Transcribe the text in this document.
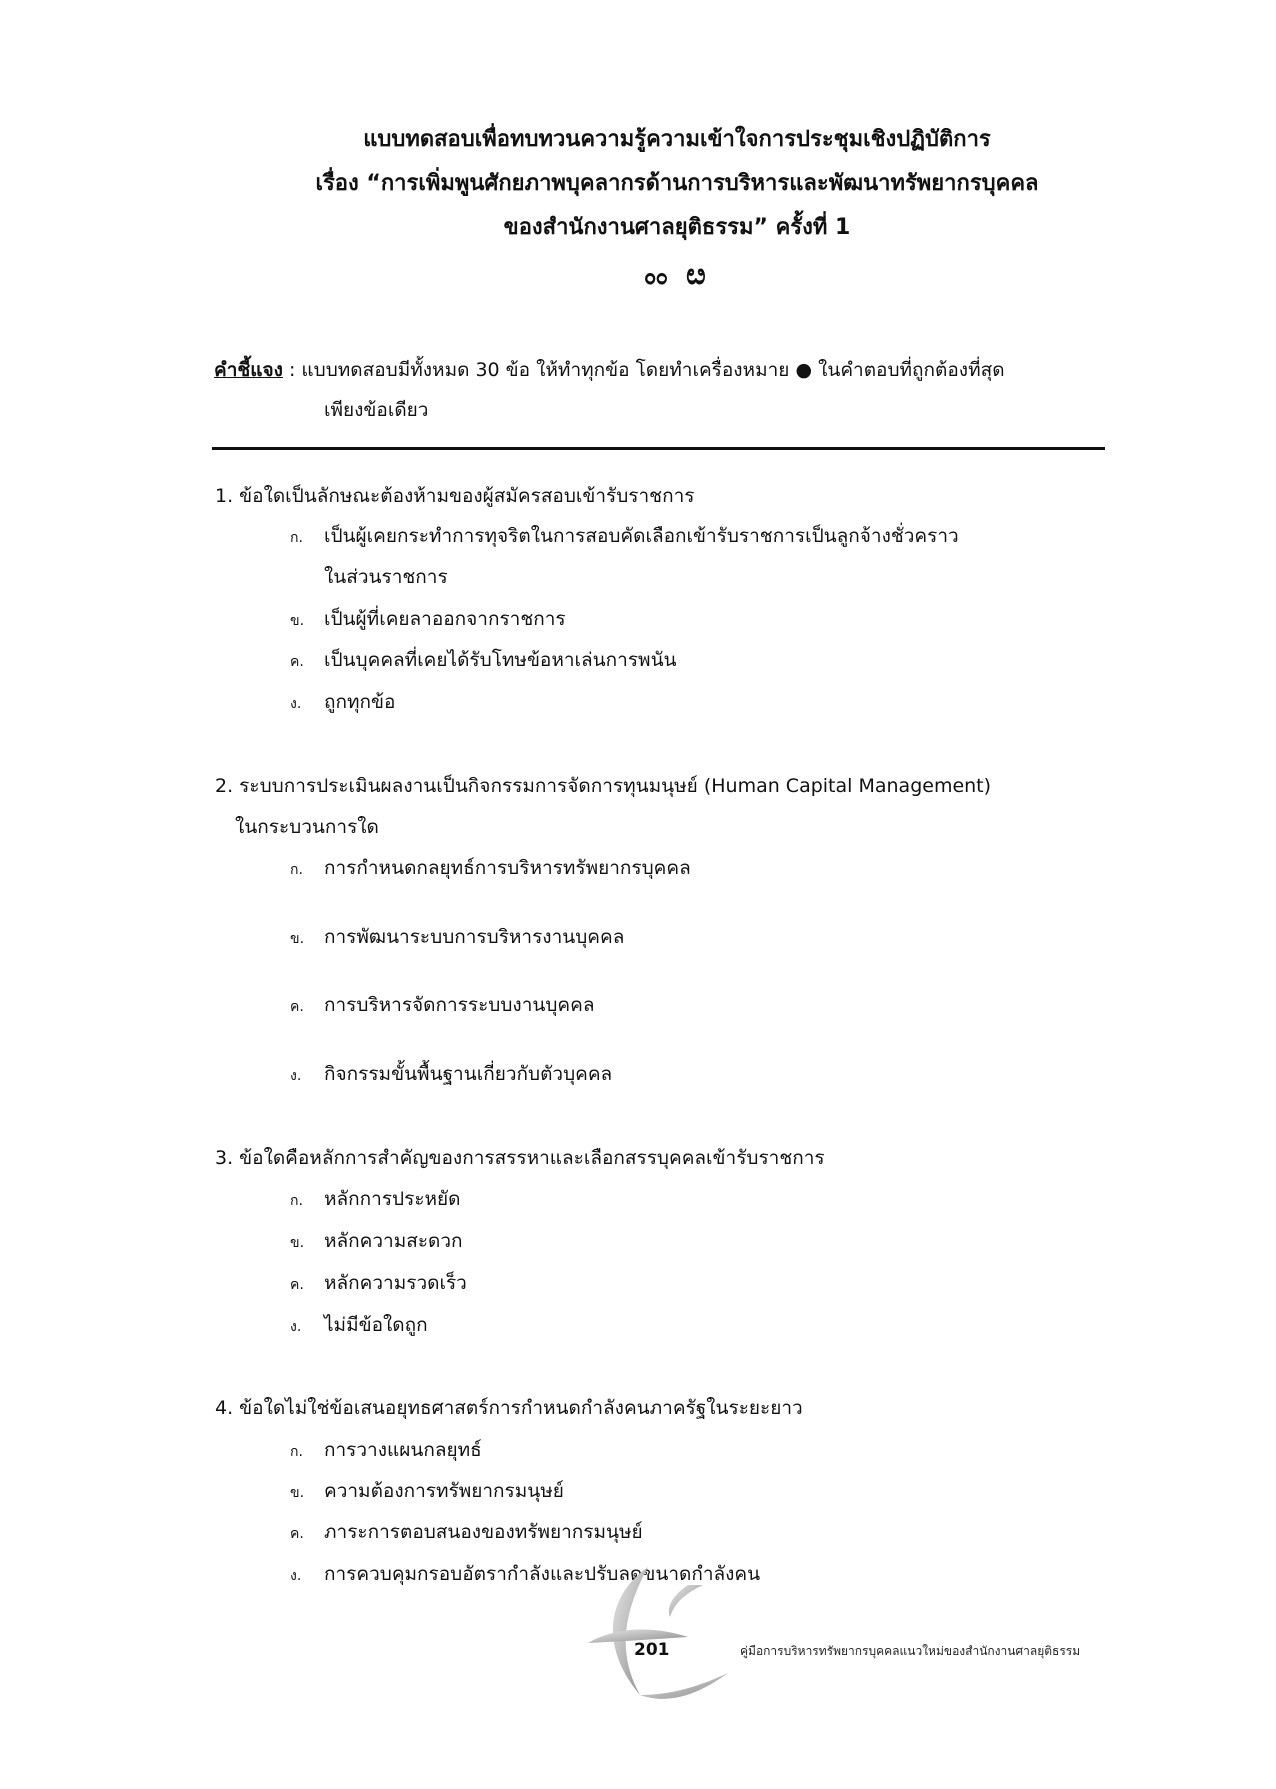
แบบทดสอบเพื่อทบทวนความรู้ความเข้าใจการประชุมเชิงปฏิบัติการ
เรื่อง “การเพิ่มพูนศักยภาพบุคลากรด้านการบริหารและพัฒนาทรัพยากรบุคคล
ของสำนักงานศาลยุติธรรม” ครั้งที่ 1
ೲ ೞ
คำชี้แจง : แบบทดสอบมีทั้งหมด 30 ข้อ ให้ทำทุกข้อ โดยทำเครื่องหมาย ● ในคำตอบที่ถูกต้องที่สุด
เพียงข้อเดียว
1. ข้อใดเป็นลักษณะต้องห้ามของผู้สมัครสอบเข้ารับราชการ
ก. เป็นผู้เคยกระทำการทุจริตในการสอบคัดเลือกเข้ารับราชการเป็นลูกจ้างชั่วคราว
ในส่วนราชการ
ข. เป็นผู้ที่เคยลาออกจากราชการ
ค. เป็นบุคคลที่เคยได้รับโทษข้อหาเล่นการพนัน
ง. ถูกทุกข้อ
2. ระบบการประเมินผลงานเป็นกิจกรรมการจัดการทุนมนุษย์ (Human Capital Management)
ในกระบวนการใด
ก. การกำหนดกลยุทธ์การบริหารทรัพยากรบุคคล
ข. การพัฒนาระบบการบริหารงานบุคคล
ค. การบริหารจัดการระบบงานบุคคล
ง. กิจกรรมขั้นพื้นฐานเกี่ยวกับตัวบุคคล
3. ข้อใดคือหลักการสำคัญของการสรรหาและเลือกสรรบุคคลเข้ารับราชการ
ก. หลักการประหยัด
ข. หลักความสะดวก
ค. หลักความรวดเร็ว
ง. ไม่มีข้อใดถูก
4. ข้อใดไม่ใช่ข้อเสนอยุทธศาสตร์การกำหนดกำลังคนภาครัฐในระยะยาว
ก. การวางแผนกลยุทธ์
ข. ความต้องการทรัพยากรมนุษย์
ค. ภาระการตอบสนองของทรัพยากรมนุษย์
ง. การควบคุมกรอบอัตรากำลังและปรับลดขนาดกำลังคน
201	คู่มือการบริหารทรัพยากรบุคคลแนวใหม่ของสำนักงานศาลยุติธรรม
